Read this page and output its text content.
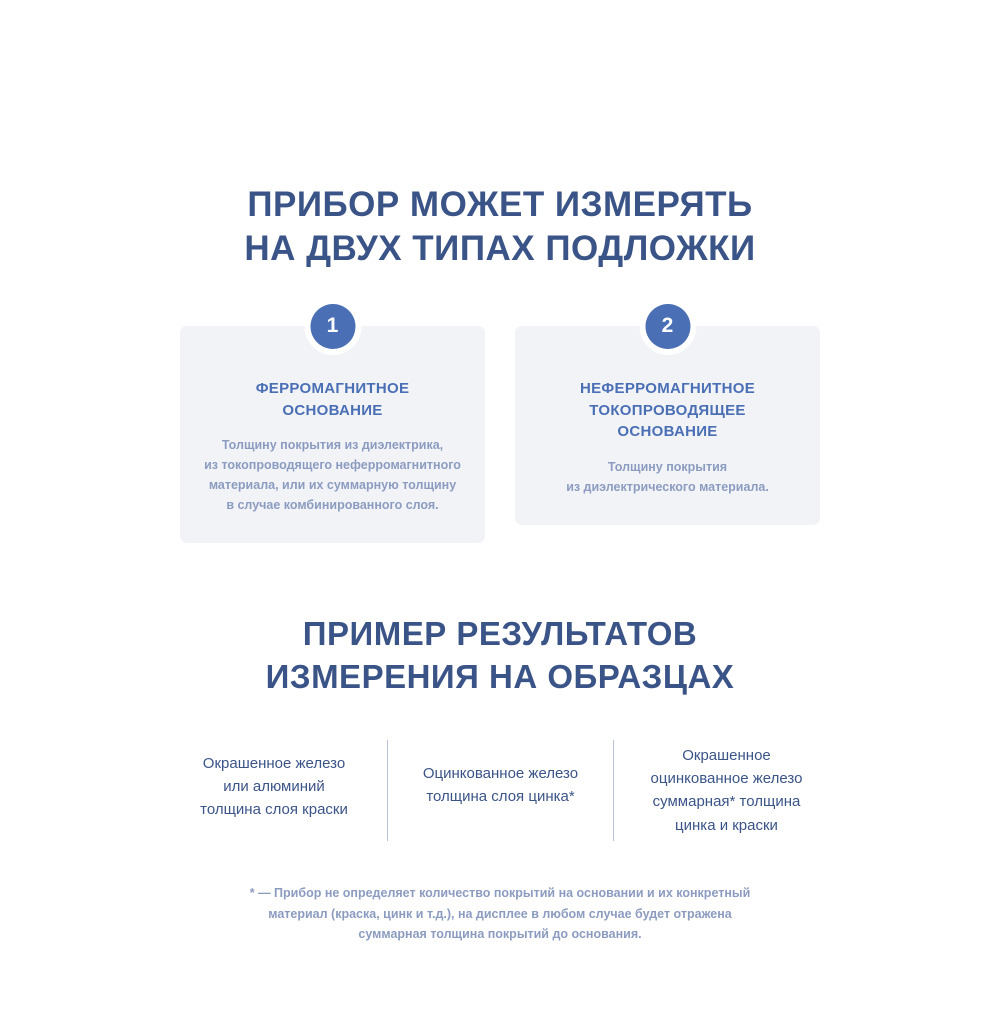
ПРИБОР МОЖЕТ ИЗМЕРЯТЬ
НА ДВУХ ТИПАХ ПОДЛОЖКИ
1
ФЕРРОМАГНИТНОЕ
ОСНОВАНИЕ
Толщину покрытия из диэлектрика,
из токопроводящего неферромагнитного
материала, или их суммарную толщину
в случае комбинированного слоя.
2
НЕФЕРРОМАГНИТНОЕ
ТОКОПРОВОДЯЩЕЕ
ОСНОВАНИЕ
Толщину покрытия
из диэлектрического материала.
ПРИМЕР РЕЗУЛЬТАТОВ
ИЗМЕРЕНИЯ НА ОБРАЗЦАХ
Окрашенное железо
или алюминий
толщина слоя краски
Оцинкованное железо
толщина слоя цинка*
Окрашенное
оцинкованное железо
суммарная* толщина
цинка и краски
* — Прибор не определяет количество покрытий на основании и их конкретный
материал (краска, цинк и т.д.), на дисплее в любом случае будет отражена
суммарная толщина покрытий до основания.
